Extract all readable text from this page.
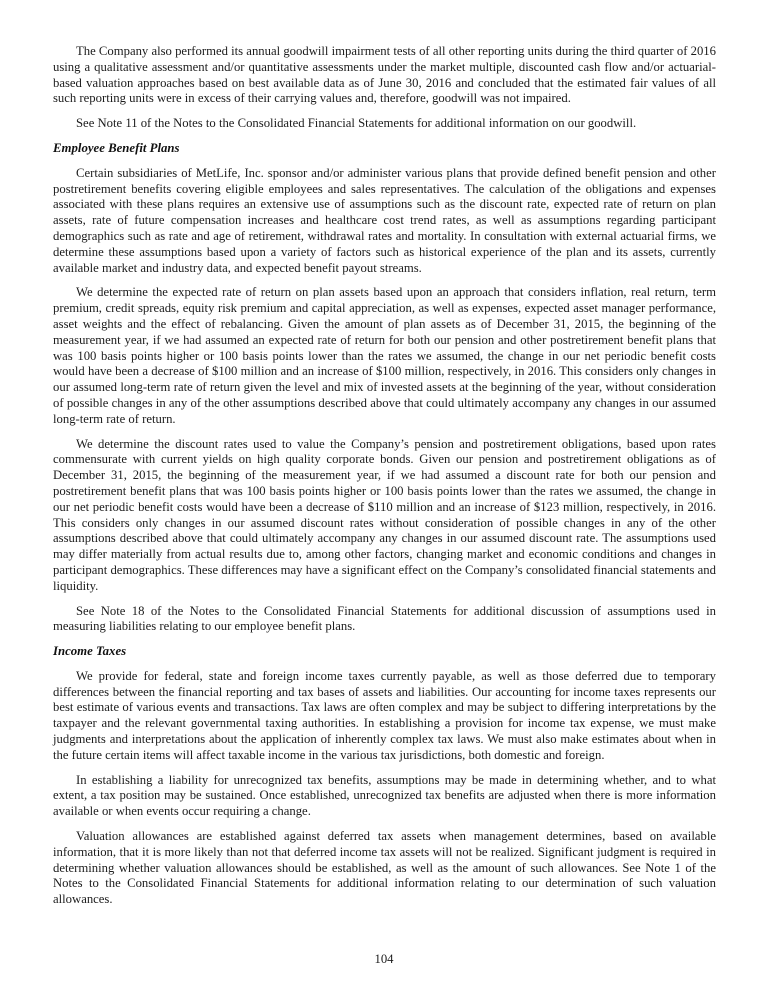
The Company also performed its annual goodwill impairment tests of all other reporting units during the third quarter of 2016 using a qualitative assessment and/or quantitative assessments under the market multiple, discounted cash flow and/or actuarial-based valuation approaches based on best available data as of June 30, 2016 and concluded that the estimated fair values of all such reporting units were in excess of their carrying values and, therefore, goodwill was not impaired.

See Note 11 of the Notes to the Consolidated Financial Statements for additional information on our goodwill.

Employee Benefit Plans

Certain subsidiaries of MetLife, Inc. sponsor and/or administer various plans that provide defined benefit pension and other postretirement benefits covering eligible employees and sales representatives. The calculation of the obligations and expenses associated with these plans requires an extensive use of assumptions such as the discount rate, expected rate of return on plan assets, rate of future compensation increases and healthcare cost trend rates, as well as assumptions regarding participant demographics such as rate and age of retirement, withdrawal rates and mortality. In consultation with external actuarial firms, we determine these assumptions based upon a variety of factors such as historical experience of the plan and its assets, currently available market and industry data, and expected benefit payout streams.

We determine the expected rate of return on plan assets based upon an approach that considers inflation, real return, term premium, credit spreads, equity risk premium and capital appreciation, as well as expenses, expected asset manager performance, asset weights and the effect of rebalancing. Given the amount of plan assets as of December 31, 2015, the beginning of the measurement year, if we had assumed an expected rate of return for both our pension and other postretirement benefit plans that was 100 basis points higher or 100 basis points lower than the rates we assumed, the change in our net periodic benefit costs would have been a decrease of $100 million and an increase of $100 million, respectively, in 2016. This considers only changes in our assumed long-term rate of return given the level and mix of invested assets at the beginning of the year, without consideration of possible changes in any of the other assumptions described above that could ultimately accompany any changes in our assumed long-term rate of return.

We determine the discount rates used to value the Company’s pension and postretirement obligations, based upon rates commensurate with current yields on high quality corporate bonds. Given our pension and postretirement obligations as of December 31, 2015, the beginning of the measurement year, if we had assumed a discount rate for both our pension and postretirement benefit plans that was 100 basis points higher or 100 basis points lower than the rates we assumed, the change in our net periodic benefit costs would have been a decrease of $110 million and an increase of $123 million, respectively, in 2016. This considers only changes in our assumed discount rates without consideration of possible changes in any of the other assumptions described above that could ultimately accompany any changes in our assumed discount rate. The assumptions used may differ materially from actual results due to, among other factors, changing market and economic conditions and changes in participant demographics. These differences may have a significant effect on the Company’s consolidated financial statements and liquidity.

See Note 18 of the Notes to the Consolidated Financial Statements for additional discussion of assumptions used in measuring liabilities relating to our employee benefit plans.

Income Taxes

We provide for federal, state and foreign income taxes currently payable, as well as those deferred due to temporary differences between the financial reporting and tax bases of assets and liabilities. Our accounting for income taxes represents our best estimate of various events and transactions. Tax laws are often complex and may be subject to differing interpretations by the taxpayer and the relevant governmental taxing authorities. In establishing a provision for income tax expense, we must make judgments and interpretations about the application of inherently complex tax laws. We must also make estimates about when in the future certain items will affect taxable income in the various tax jurisdictions, both domestic and foreign.

In establishing a liability for unrecognized tax benefits, assumptions may be made in determining whether, and to what extent, a tax position may be sustained. Once established, unrecognized tax benefits are adjusted when there is more information available or when events occur requiring a change.

Valuation allowances are established against deferred tax assets when management determines, based on available information, that it is more likely than not that deferred income tax assets will not be realized. Significant judgment is required in determining whether valuation allowances should be established, as well as the amount of such allowances. See Note 1 of the Notes to the Consolidated Financial Statements for additional information relating to our determination of such valuation allowances.

104
